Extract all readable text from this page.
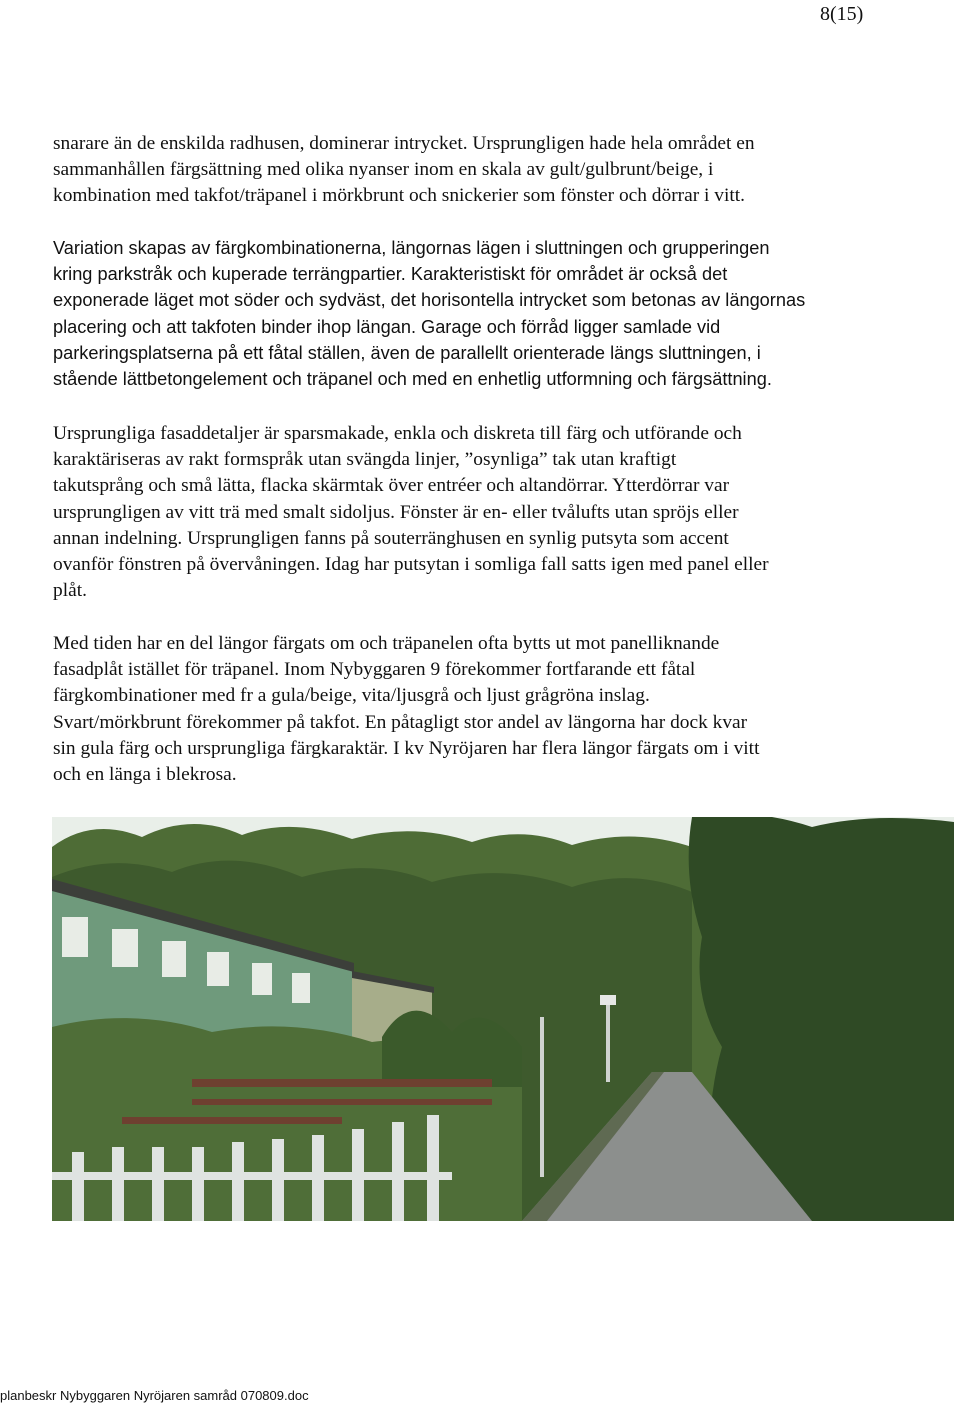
8(15)
snarare än de enskilda radhusen, dominerar intrycket. Ursprungligen hade hela området en
sammanhållen färgsättning med olika nyanser inom en skala av gult/gulbrunt/beige, i
kombination med takfot/träpanel i mörkbrunt och snickerier som fönster och dörrar i vitt.
Variation skapas av färgkombinationerna, längornas lägen i sluttningen och grupperingen
kring parkstråk och kuperade terrängpartier. Karakteristiskt för området är också det
exponerade läget mot söder och sydväst, det horisontella intrycket som betonas av längornas
placering och att takfoten binder ihop längan. Garage och förråd ligger samlade vid
parkeringsplatserna på ett fåtal ställen, även de parallellt orienterade längs sluttningen, i
stående lättbetongelement och träpanel och med en enhetlig utformning och färgsättning.
Ursprungliga fasaddetaljer är sparsmakade, enkla och diskreta till färg och utförande och
karaktäriseras av rakt formspråk utan svängda linjer, ”osynliga” tak utan kraftigt
takutsprång och små lätta, flacka skärmtak över entréer och altandörrar. Ytterdörrar var
ursprungligen av vitt trä med smalt sidoljus. Fönster är en- eller tvålufts utan spröjs eller
annan indelning. Ursprungligen fanns på souterränghusen en synlig putsyta som accent
ovanför fönstren på övervåningen. Idag har putsytan i somliga fall satts igen med panel eller
plåt.
Med tiden har en del längor färgats om och träpanelen ofta bytts ut mot panelliknande
fasadplåt istället för träpanel. Inom Nybyggaren 9 förekommer fortfarande ett fåtal
färgkombinationer med fr a gula/beige, vita/ljusgrå och ljust grågröna inslag.
Svart/mörkbrunt förekommer på takfot. En påtagligt stor andel av längorna har dock kvar
sin gula färg och ursprungliga färgkaraktär. I kv Nyröjaren har flera längor färgats om i vitt
och en länga i blekrosa.
planbeskr Nybyggaren Nyröjaren samråd 070809.doc
